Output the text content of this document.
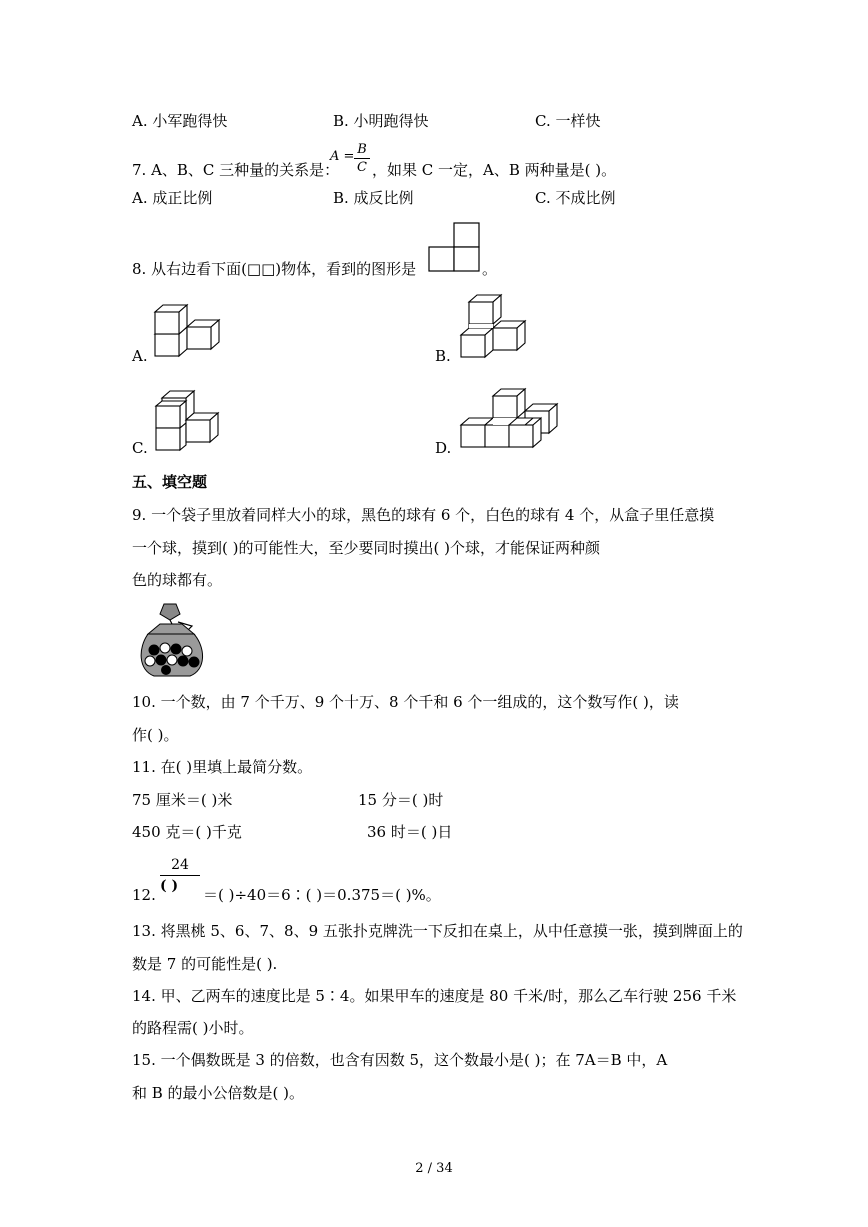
A. 小军跑得快	B. 小明跑得快	C. 一样快
7. A、B、C 三种量的关系是：
A = B
C ，如果 C 一定，A、B 两种量是( )。
A. 成正比例	B. 成反比例	C. 不成比例
8. 从右边看下面(□□)物体，看到的图形是	。
A.	B.
C.	D.
五、填空题
9. 一个袋子里放着同样大小的球，黑色的球有 6 个，白色的球有 4 个，从盒子里任意摸
一个球，摸到( )的可能性大，至少要同时摸出( )个球，才能保证两种颜
色的球都有。
10. 一个数，由 7 个千万、9 个十万、8 个千和 6 个一组成的，这个数写作( )，读
作( )。
11. 在( )里填上最简分数。
75 厘米＝( )米	15 分＝( )时
450 克＝( )千克	36 时＝( )日
12.
24
( ) ＝( )÷40＝6∶( )＝0.375＝( )%。
13. 将黑桃 5、6、7、8、9 五张扑克牌洗一下反扣在桌上，从中任意摸一张，摸到牌面上的
数是 7 的可能性是( ).
14. 甲、乙两车的速度比是 5∶4。如果甲车的速度是 80 千米/时，那么乙车行驶 256 千米
的路程需( )小时。
15. 一个偶数既是 3 的倍数，也含有因数 5，这个数最小是( )；在 7A＝B 中，A
和 B 的最小公倍数是( )。
2 / 34
